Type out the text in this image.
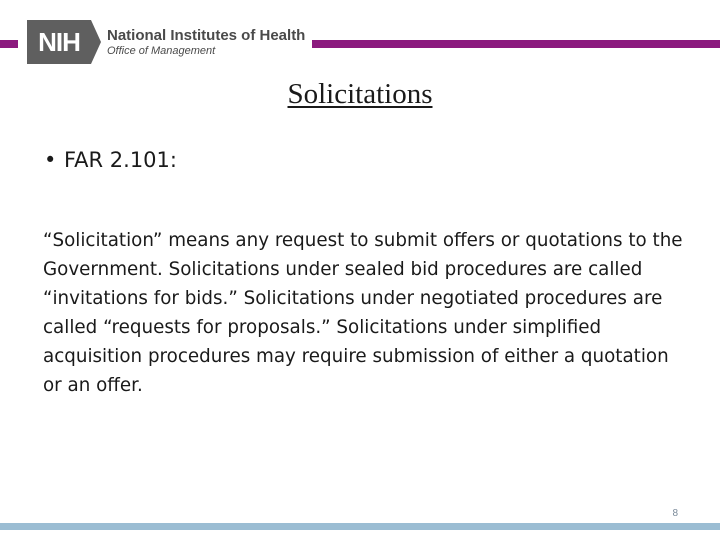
NIH National Institutes of Health
Office of Management
Solicitations
• FAR 2.101:
“Solicitation” means any request to submit offers or quotations to the Government. Solicitations under sealed bid procedures are called “invitations for bids.” Solicitations under negotiated procedures are called “requests for proposals.” Solicitations under simplified acquisition procedures may require submission of either a quotation or an offer.
8
